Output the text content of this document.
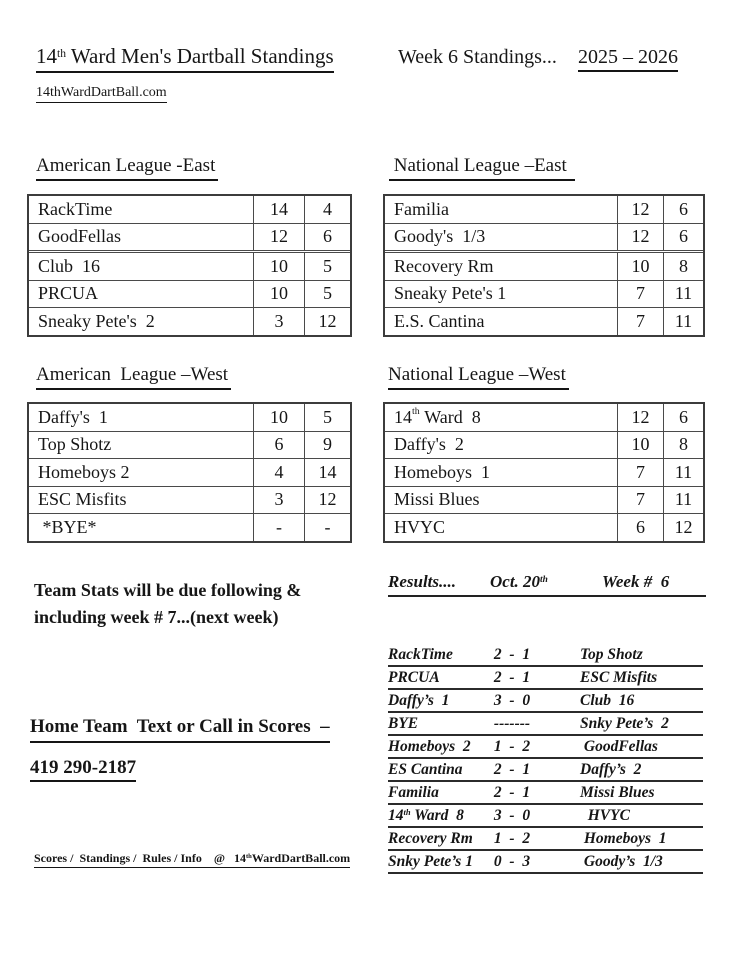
14th Ward Men's Dartball Standings	Week 6 Standings... 2025 – 2026
14thWardDartBall.com
American League -East
RackTime	14	4
GoodFellas	12	6
Club  16	10	5
PRCUA	10	5
Sneaky Pete's  2	3	12
National League –East
Familia	12	6
Goody's  1/3	12	6
Recovery Rm	10	8
Sneaky Pete's 1	7	11
E.S. Cantina	7	11
American  League –West
Daffy's  1	10	5
Top Shotz	6	9
Homeboys 2	4	14
ESC Misfits	3	12
*BYE*	-	-
National League –West
14th Ward  8	12	6
Daffy's  2	10	8
Homeboys  1	7	11
Missi Blues	7	11
HVYC	6	12
Team Stats will be due following &
including week # 7...(next week)
Home Team  Text or Call in Scores  –
419 290-2187
Scores /  Standings /  Rules / Info    @   14thWardDartBall.com
Results....	Oct. 20th	Week #  6
RackTime	2  -  1	Top Shotz
PRCUA	2  -  1	ESC Misfits
Daffy’s  1	3  -  0	Club  16
BYE	-------	Snky Pete’s  2
Homeboys  2	1  -  2	GoodFellas
ES Cantina	2  -  1	Daffy’s  2
Familia	2  -  1	Missi Blues
14th Ward  8	3  -  0	HVYC
Recovery Rm	1  -  2	Homeboys  1
Snky Pete’s 1	0  -  3	Goody’s  1/3
